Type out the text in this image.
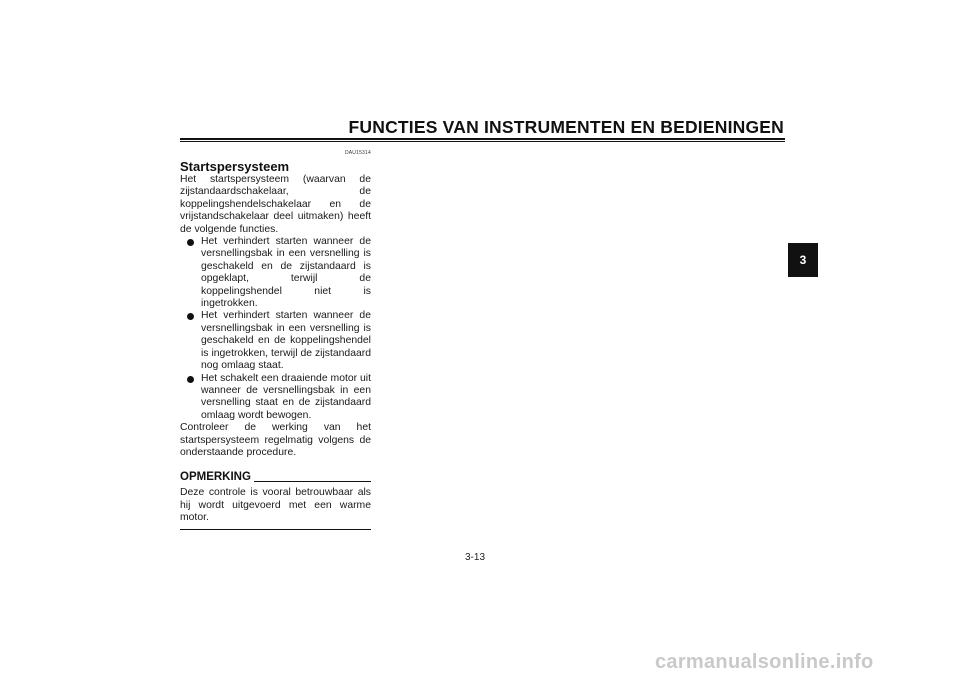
FUNCTIES VAN INSTRUMENTEN EN BEDIENINGEN
3
DAU15314
Startspersysteem

Het startspersysteem (waarvan de zijstandaardschakelaar, de koppelingshendelschakelaar en de vrijstandschakelaar deel uitmaken) heeft de volgende functies.

Het verhindert starten wanneer de versnellingsbak in een versnelling is geschakeld en de zijstandaard is opgeklapt, terwijl de koppelingshendel niet is ingetrokken.
Het verhindert starten wanneer de versnellingsbak in een versnelling is geschakeld en de koppelingshendel is ingetrokken, terwijl de zijstandaard nog omlaag staat.
Het schakelt een draaiende motor uit wanneer de versnellingsbak in een versnelling staat en de zijstandaard omlaag wordt bewogen.

Controleer de werking van het startspersysteem regelmatig volgens de onderstaande procedure.

OPMERKING

Deze controle is vooral betrouwbaar als hij wordt uitgevoerd met een warme motor.

3-13
carmanualsonline.info
